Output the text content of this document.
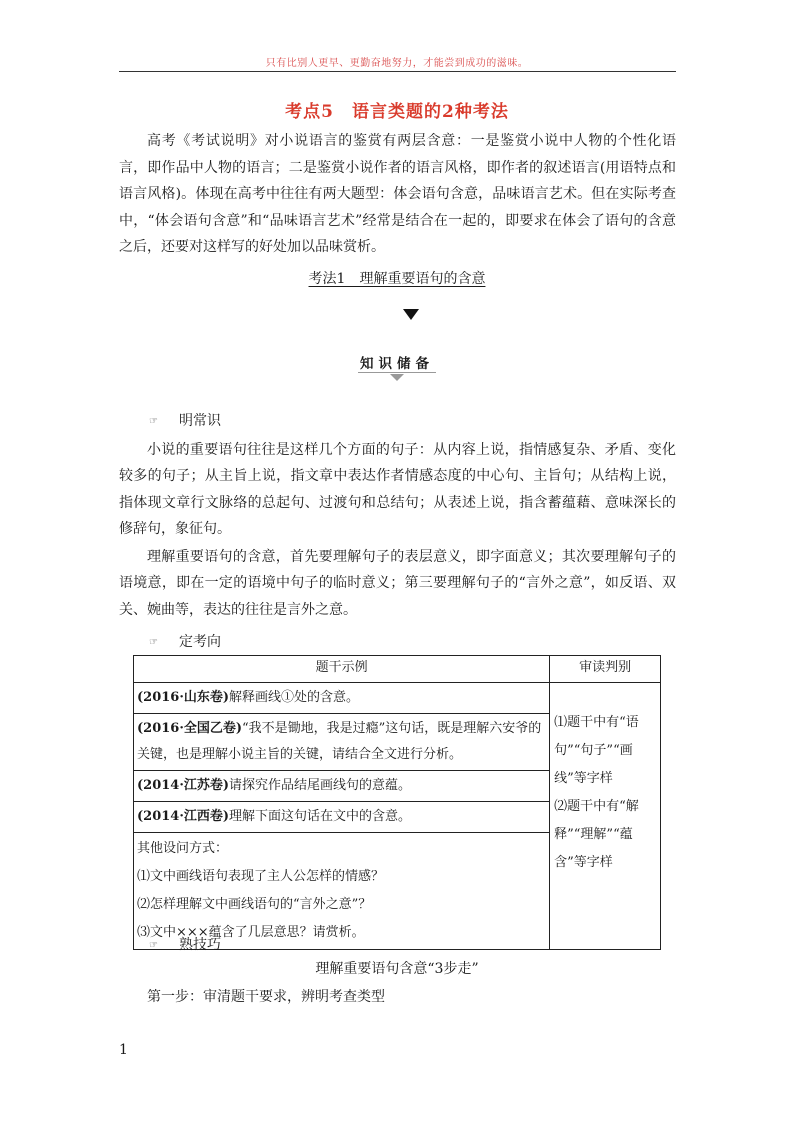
只有比别人更早、更勤奋地努力，才能尝到成功的滋味。
考点5　语言类题的2种考法
高考《考试说明》对小说语言的鉴赏有两层含意：一是鉴赏小说中人物的个性化语言，即作品中人物的语言；二是鉴赏小说作者的语言风格，即作者的叙述语言(用语特点和语言风格)。体现在高考中往往有两大题型：体会语句含意，品味语言艺术。但在实际考查中，“体会语句含意”和“品味语言艺术”经常是结合在一起的，即要求在体会了语句的含意之后，还要对这样写的好处加以品味赏析。
考法1　理解重要语句的含意
知识储备
☞ 明常识
小说的重要语句往往是这样几个方面的句子：从内容上说，指情感复杂、矛盾、变化较多的句子；从主旨上说，指文章中表达作者情感态度的中心句、主旨句；从结构上说，指体现文章行文脉络的总起句、过渡句和总结句；从表述上说，指含蓄蕴藉、意味深长的修辞句，象征句。
理解重要语句的含意，首先要理解句子的表层意义，即字面意义；其次要理解句子的语境意，即在一定的语境中句子的临时意义；第三要理解句子的“言外之意”，如反语、双关、婉曲等，表达的往往是言外之意。
☞ 定考向
题干示例	审读判别
(2016·山东卷)解释画线①处的含意。	⑴题干中有“语句”“句子”“画线”等字样
⑵题干中有“解释”“理解”“蕴含”等字样
(2016·全国乙卷)“我不是锄地，我是过瘾”这句话，既是理解六安爷的关键，也是理解小说主旨的关键，请结合全文进行分析。	
(2014·江苏卷)请探究作品结尾画线句的意蕴。	
(2014·江西卷)理解下面这句话在文中的含意。	

其他设问方式：
⑴文中画线语句表现了主人公怎样的情感？
⑵怎样理解文中画线语句的“言外之意”？
⑶文中×××蕴含了几层意思？请赏析。	
☞ 熟技巧
理解重要语句含意“3步走”
第一步：审清题干要求，辨明考查类型
1
